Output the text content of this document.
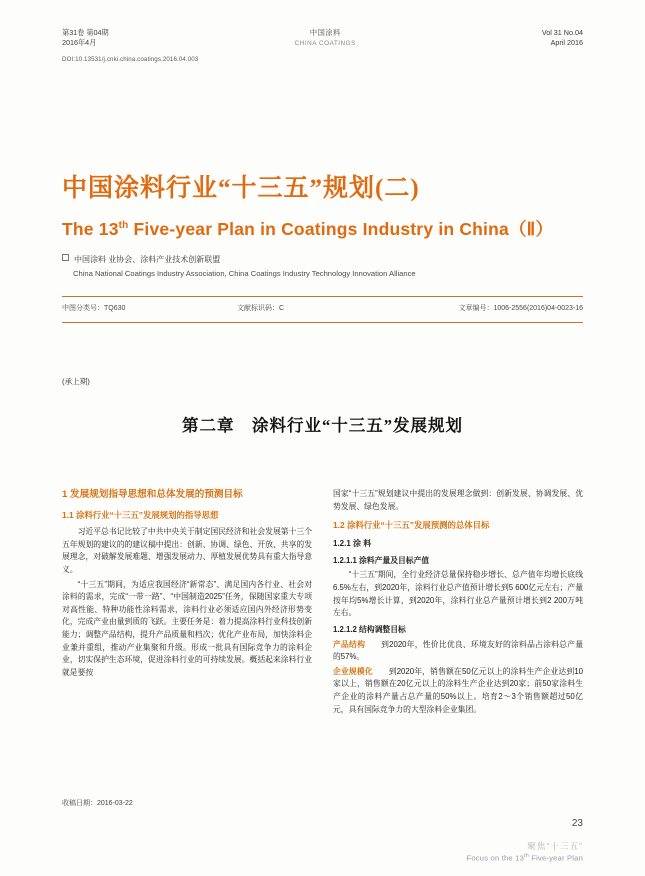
第31卷 第04期
2016年4月
中国涂料
CHINA COATINGS
Vol 31 No.04
April 2016
DOI:10.13531/j.cnki.china.coatings.2016.04.003
中国涂料行业“十三五”规划(二)
The 13th Five-year Plan in Coatings Industry in China（Ⅱ）
中国涂料 业协会、涂料产业技术创新联盟
China National Coatings Industry Association, China Coatings Industry Technology Innovation Alliance
中图分类号：TQ630	文献标识码：C	文章编号：1006-2556(2016)04-0023-16
(承上期)
第二章　涂料行业“十三五”发展规划
1 发展规划指导思想和总体发展的预测目标
1.1 涂料行业“十三五”发展规划的指导思想

习近平总书记比较了中共中央关于制定国民经济和社会发展第十三个五年规划的建议的的建议稿中提出：创新、协调、绿色、开放、共享的发展理念，对破解发展难题、增强发展动力、厚植发展优势具有重大指导意义。

“十三五”期间，为适应我国经济“新常态”、满足国内各行业、社会对涂料的需求，完成“一带一路”、“中国制造2025”任务，保随国家重大专项对高性能、特种功能性涂料需求，涂料行业必须适应国内外经济形势变化，完成产业由量到质的飞跃。主要任务是：着力提高涂料行业科技创新能力；调整产品结构，提升产品质量和档次；优化产业布局，加快涂料企业兼并重组，推动产业集聚和升级。形成一批具有国际竞争力的涂料企业，切实保护生态环境，促进涂料行业的可持续发展。概括起来涂料行业就是要按

国家“十三五”规划建议中提出的发展理念做到：创新发展、协调发展、优势发展、绿色发展。

1.2 涂料行业“十三五”发展预测的总体目标
1.2.1 涂 料
1.2.1.1 涂料产量及目标产值

“十三五”期间，全行业经济总量保持稳步增长、总产值年均增长底线6.5%左右，到2020年，涂料行业总产值预计增长到5 600亿元左右；产量按年均5%增长计算，到2020年，涂料行业总产量预计增长到2 200万吨左右。

1.2.1.2 结构调整目标

产品结构　　到2020年，性价比优良、环境友好的涂料品占涂料总产量的57%。

企业规模化　　到2020年，销售额在50亿元以上的涂料生产企业达到10家以上，销售额在20亿元以上的涂料生产企业达到20家；前50家涂料生产企业的涂料产量占总产量的50%以上。培育2～3个销售额超过50亿元，具有国际竞争力的大型涂料企业集团。

收稿日期：2016-03-22
23
聚焦“十三五”
Focus on the 13th Five-year Plan
